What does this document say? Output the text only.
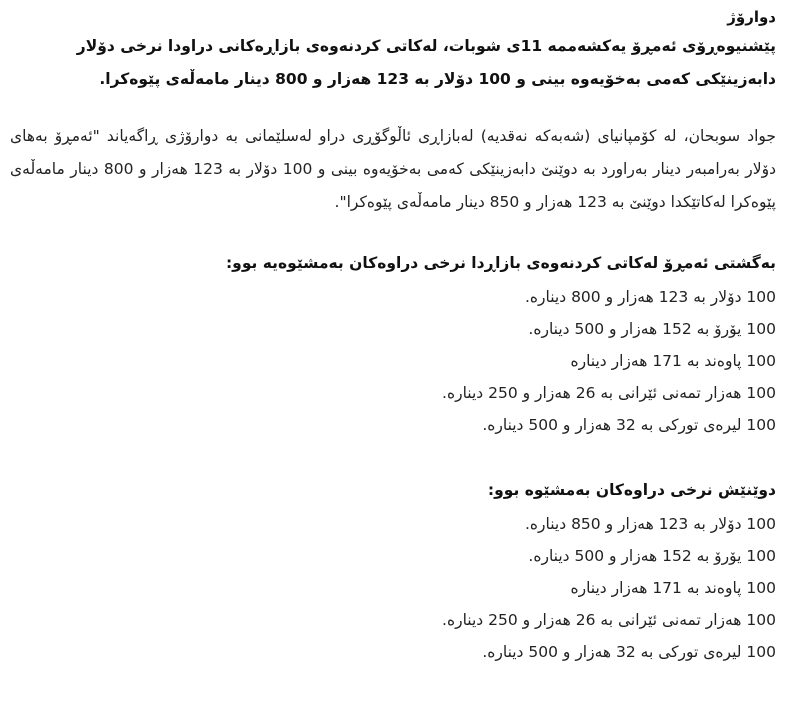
دوارۆژ
پێشنیوەڕۆی ئەمڕۆ یەکشەممە 11ی شوبات، لەکاتی کردنەوەی بازاڕەکانی دراودا نرخی دۆلار دابەزینێکی کەمی بەخۆیەوە بینی و 100 دۆلار بە 123 هەزار و 800 دینار مامەڵەی پێوەکرا.
جواد سوبحان، لە کۆمپانیای (شەبەکە نەقدیە) لەبازاڕی ئاڵوگۆڕی دراو لەسلێمانی بە دوارۆژی ڕاگەیاند "ئەمڕۆ بەهای دۆلار بەرامبەر دینار بەراورد بە دوێنێ دابەزینێکی کەمی بەخۆیەوە بینی و 100 دۆلار بە 123 هەزار و 800 دینار مامەڵەی پێوەکرا لەکاتێکدا دوێنێ بە 123 هەزار و 850 دینار مامەڵەی پێوەکرا".
بەگشتی ئەمڕۆ لەکاتی کردنەوەی بازاڕدا نرخی دراوەکان بەمشێوەیە بوو:
100 دۆلار بە 123 هەزار و 800 دینارە.
100 یۆرۆ بە 152 هەزار و 500 دینارە.
100 پاوەند بە 171 هەزار دینارە
100 هەزار تمەنی ئێرانی بە 26 هەزار و 250 دینارە.
100 لیرەی تورکی بە 32 هەزار و 500 دینارە.
دوێنێش نرخی دراوەکان بەمشێوە بوو:
100 دۆلار بە 123 هەزار و 850 دینارە.
100 یۆرۆ بە 152 هەزار و 500 دینارە.
100 پاوەند بە 171 هەزار دینارە
100 هەزار تمەنی ئێرانی بە 26 هەزار و 250 دینارە.
100 لیرەی تورکی بە 32 هەزار و 500 دینارە.
